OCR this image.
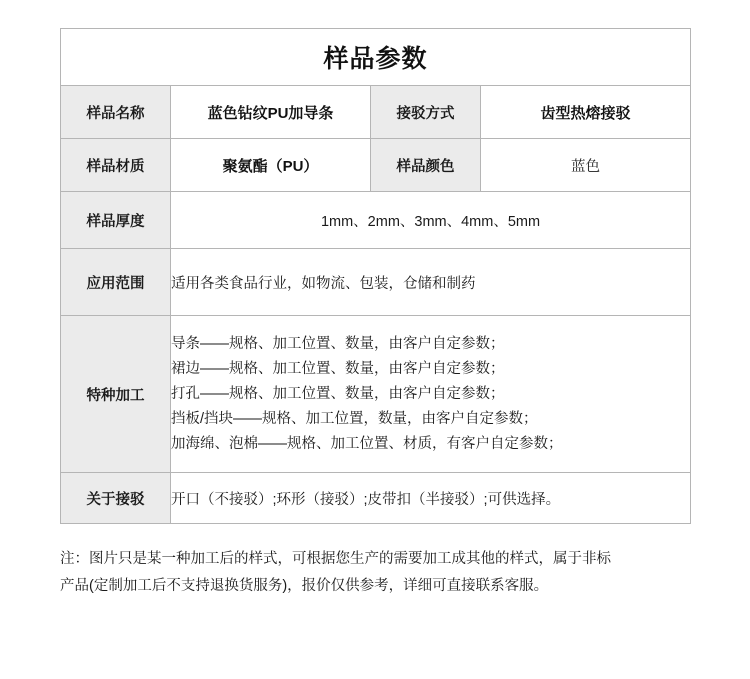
样品参数			
样品名称	蓝色钻纹PU加导条	接驳方式	齿型热熔接驳
样品材质	聚氨酯（PU）	样品颜色	蓝色
样品厚度	1mm、2mm、3mm、4mm、5mm		
应用范围	适用各类食品行业，如物流、包装，仓储和制药		
特种加工	导条——规格、加工位置、数量，由客户自定参数；
裙边——规格、加工位置、数量，由客户自定参数；
打孔——规格、加工位置、数量，由客户自定参数；
挡板/挡块——规格、加工位置，数量，由客户自定参数；
加海绵、泡棉——规格、加工位置、材质，有客户自定参数；		

关于接驳	开口（不接驳）;环形（接驳）;皮带扣（半接驳）;可供选择。		
注：图片只是某一种加工后的样式，可根据您生产的需要加工成其他的样式，属于非标
产品(定制加工后不支持退换货服务)，报价仅供参考，详细可直接联系客服。
